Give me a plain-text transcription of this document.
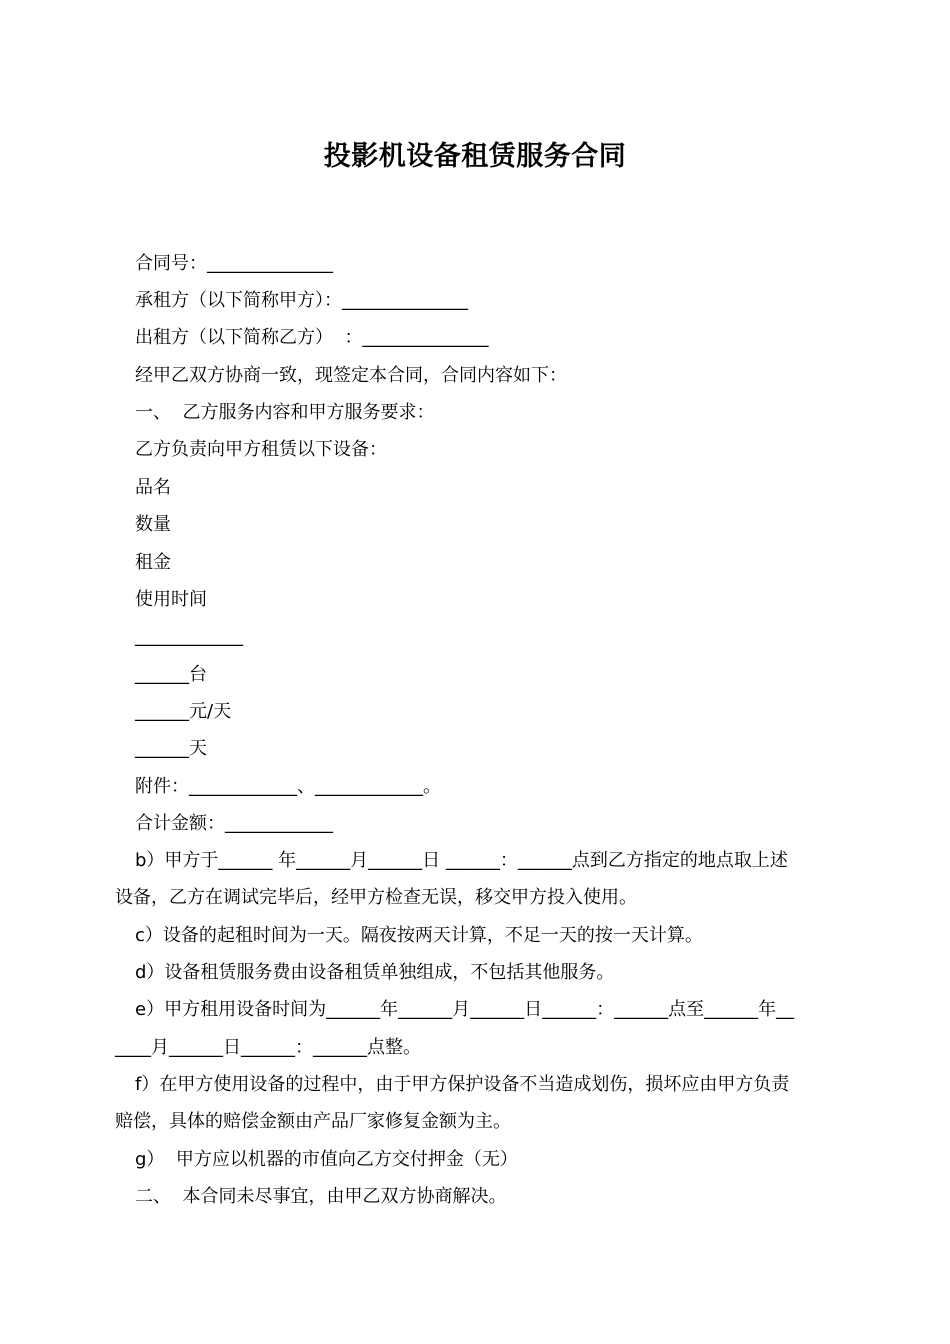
投影机设备租赁服务合同
合同号：______________
承租方（以下简称甲方）：______________
出租方（以下简称乙方）  ：______________
经甲乙双方协商一致，现签定本合同，合同内容如下：
一、  乙方服务内容和甲方服务要求：
乙方负责向甲方租赁以下设备：
品名
数量
租金
使用时间
____________
______台
______元/天
______天
附件：____________、____________。
合计金额：____________
b）甲方于______ 年______月______日 ______：______点到乙方指定的地点取上述
设备，乙方在调试完毕后，经甲方检查无误，移交甲方投入使用。
c）设备的起租时间为一天。隔夜按两天计算，不足一天的按一天计算。
d）设备租赁服务费由设备租赁单独组成，不包括其他服务。
e）甲方租用设备时间为______年______月______日______：______点至______年__
____月______日______：______点整。
f）在甲方使用设备的过程中，由于甲方保护设备不当造成划伤，损坏应由甲方负责
赔偿，具体的赔偿金额由产品厂家修复金额为主。
g）  甲方应以机器的市值向乙方交付押金（无）
二、  本合同未尽事宜，由甲乙双方协商解决。
